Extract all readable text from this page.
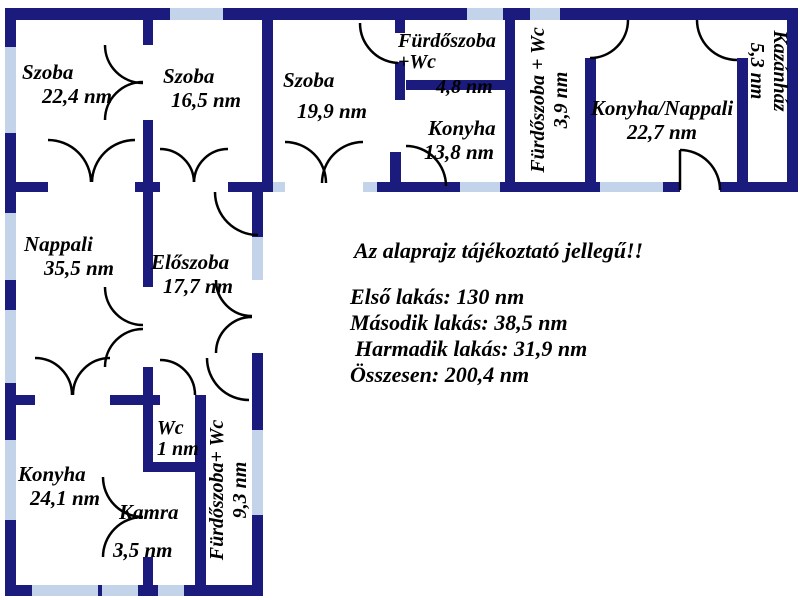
Szoba

22,4 nm

Szoba

16,5 nm

Szoba

19,9 nm

Fürdőszoba +Wc

4,8 nm

Konyha

13,8 nm	Fürdőszoba + Wc 3,9 nm Konyha/Nappali

22,7 nm

Kazánház
5,3 nm

Nappali

35,5 nm	Előszoba

17,7 nm

Konyha

24,1 nm

Wc

1 nm

Kamra

3,5 nm	Fürdőszoba+ Wc 9,3 nm
Az alaprajz tájékoztató jellegű!!
Első lakás: 130 nm
Második lakás: 38,5 nm
Harmadik lakás: 31,9 nm
Összesen: 200,4 nm
